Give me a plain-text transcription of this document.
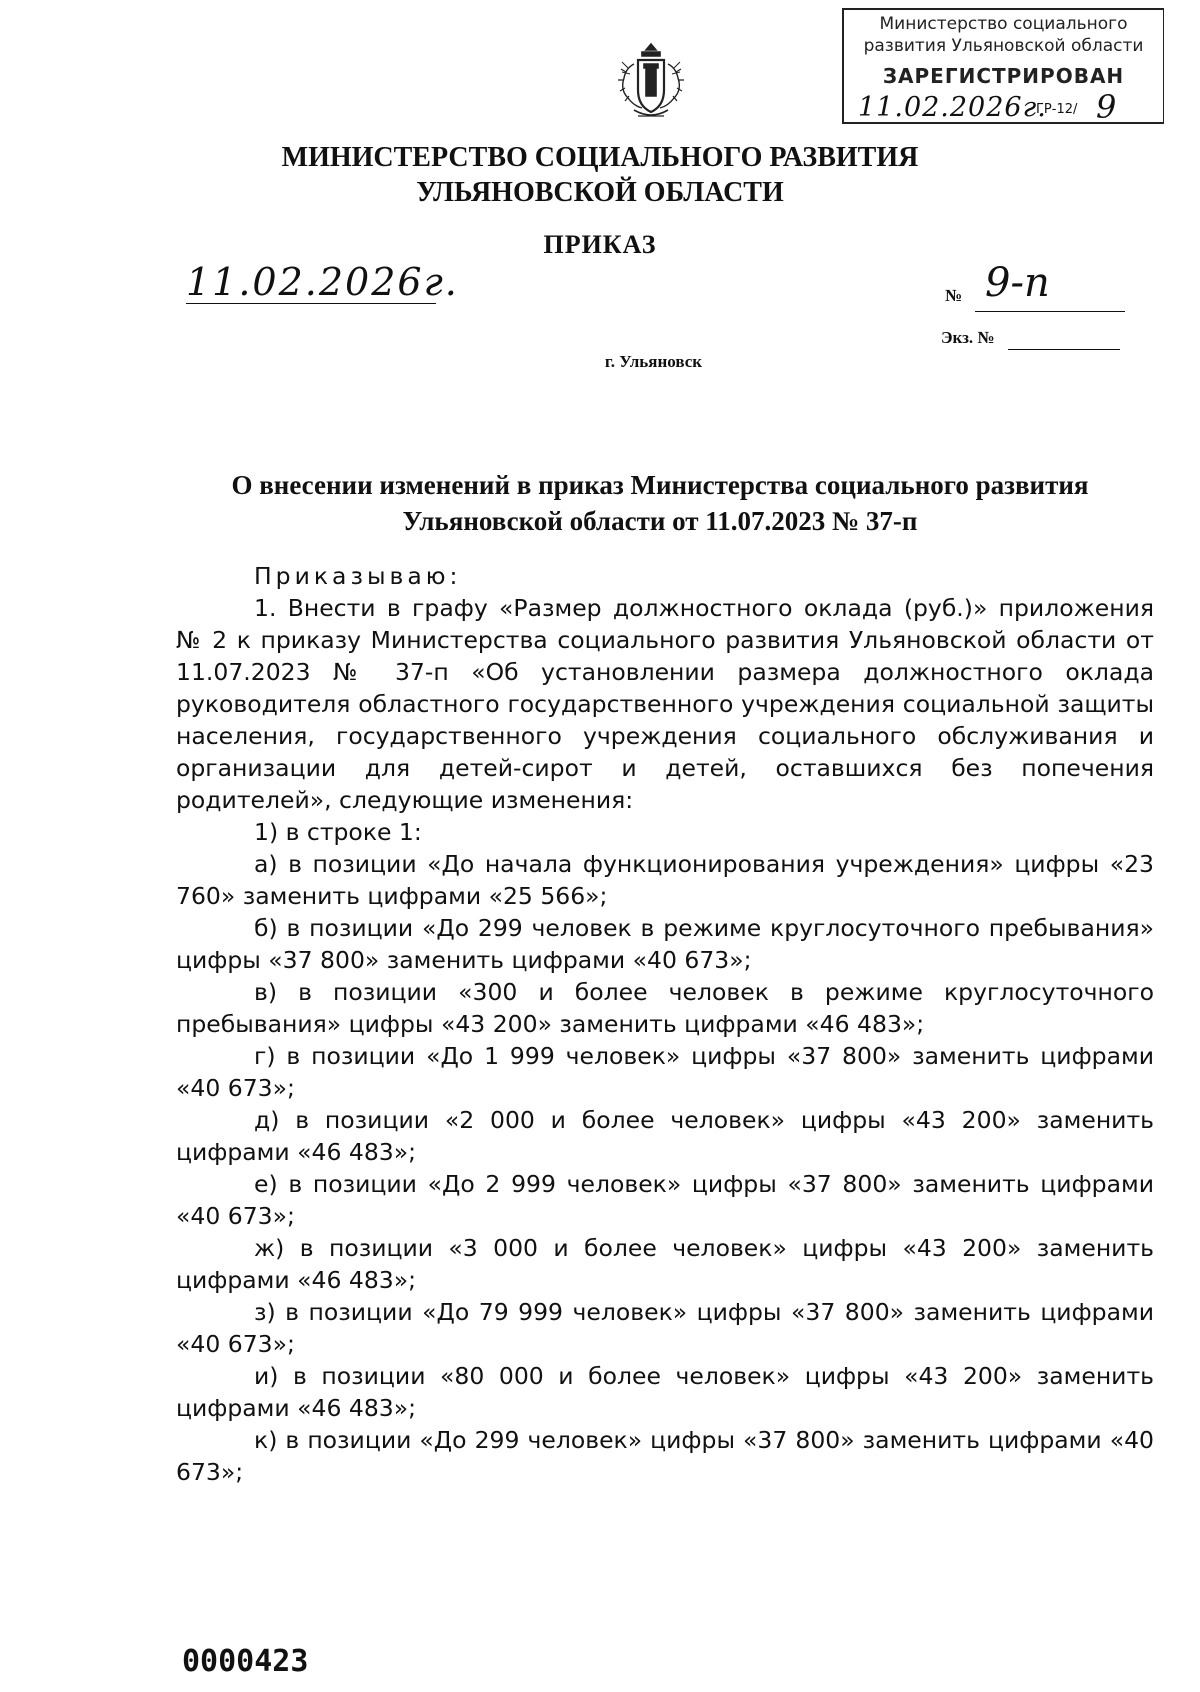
Министерство социального
развития Ульяновской области
ЗАРЕГИСТРИРОВАН
11.02.2026г.
ГР-12/ 9
МИНИСТЕРСТВО СОЦИАЛЬНОГО РАЗВИТИЯ
УЛЬЯНОВСКОЙ ОБЛАСТИ
ПРИКАЗ
11.02.2026г.	№ 9-п
Экз. №
г. Ульяновск
О внесении изменений в приказ Министерства социального развития
Ульяновской области от 11.07.2023 № 37-п

Приказываю:

1. Внести в графу «Размер должностного оклада (руб.)» приложения № 2 к приказу Министерства социального развития Ульяновской области от 11.07.2023 № 37-п «Об установлении размера должностного оклада руководителя областного государственного учреждения социальной защиты населения, государственного учреждения социального обслуживания и организации для детей-сирот и детей, оставшихся без попечения родителей», следующие изменения:

1) в строке 1:

а) в позиции «До начала функционирования учреждения» цифры «23 760» заменить цифрами «25 566»;

б) в позиции «До 299 человек в режиме круглосуточного пребывания» цифры «37 800» заменить цифрами «40 673»;

в) в позиции «300 и более человек в режиме круглосуточного пребывания» цифры «43 200» заменить цифрами «46 483»;

г) в позиции «До 1 999 человек» цифры «37 800» заменить цифрами «40 673»;

д) в позиции «2 000 и более человек» цифры «43 200» заменить цифрами «46 483»;

е) в позиции «До 2 999 человек» цифры «37 800» заменить цифрами «40 673»;

ж) в позиции «3 000 и более человек» цифры «43 200» заменить цифрами «46 483»;

з) в позиции «До 79 999 человек» цифры «37 800» заменить цифрами «40 673»;

и) в позиции «80 000 и более человек» цифры «43 200» заменить цифрами «46 483»;

к) в позиции «До 299 человек» цифры «37 800» заменить цифрами «40 673»;

0000423
